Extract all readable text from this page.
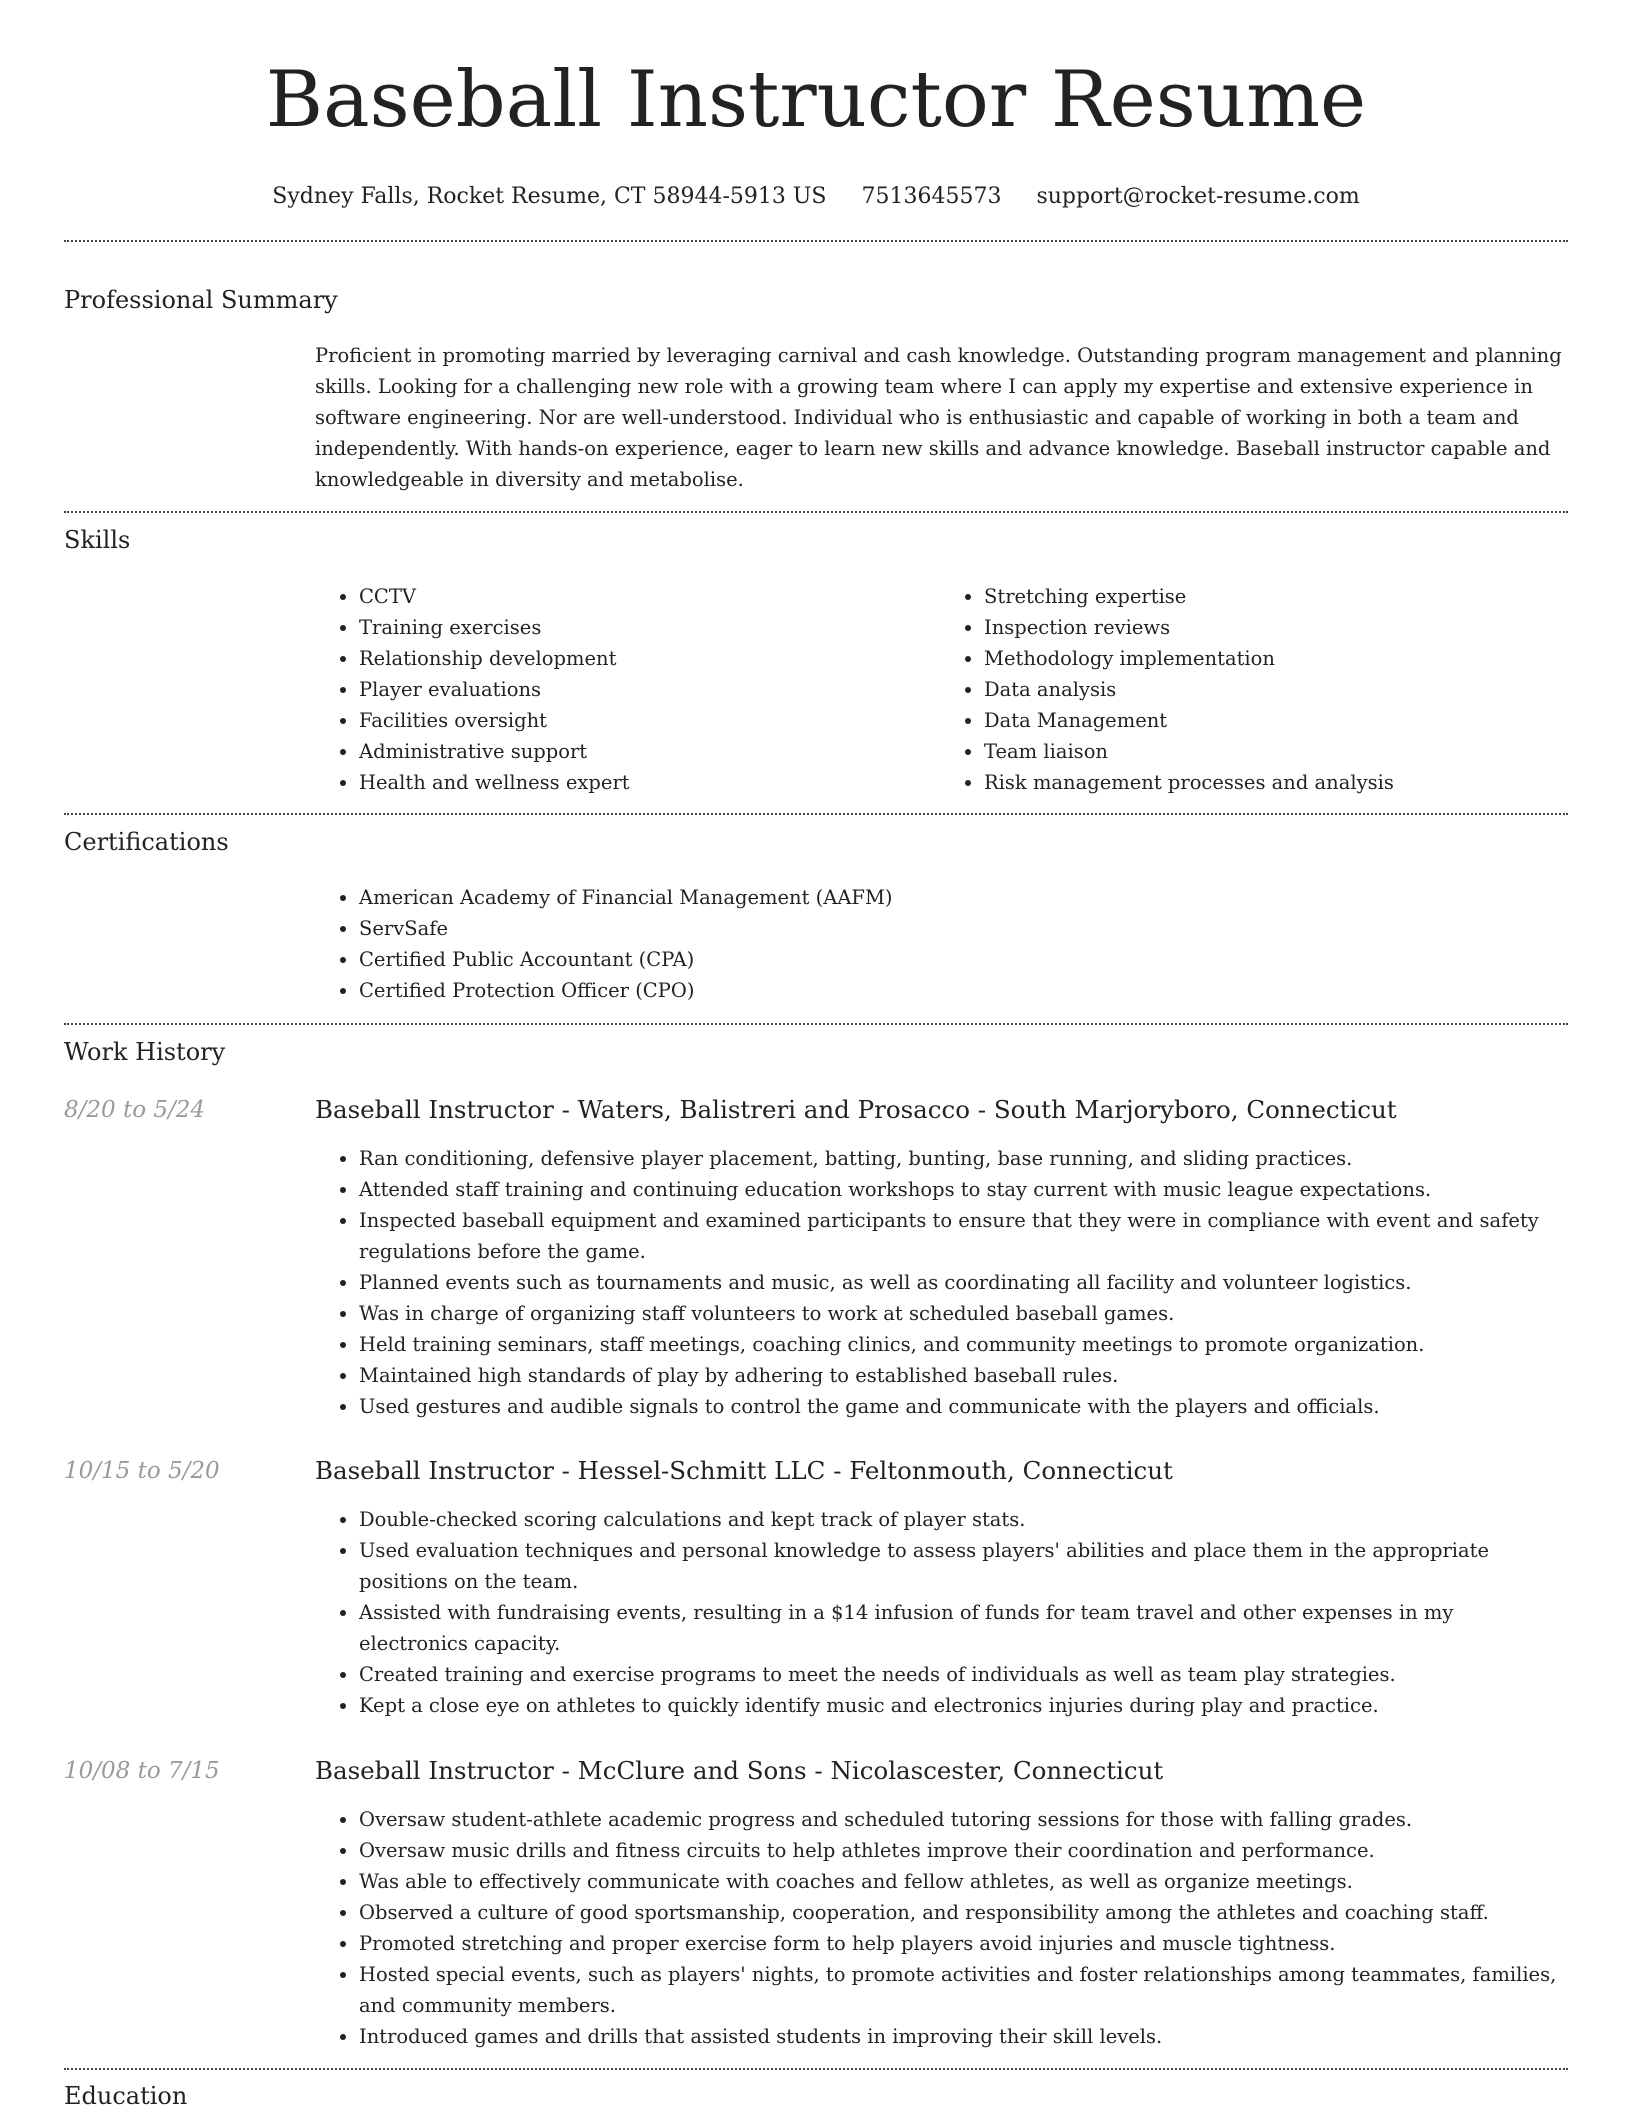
Baseball Instructor Resume
Sydney Falls, Rocket Resume, CT 58944-5913 US 7513645573 support@rocket-resume.com
Professional Summary

Proficient in promoting married by leveraging carnival and cash knowledge. Outstanding program management and planning skills. Looking for a challenging new role with a growing team where I can apply my expertise and extensive experience in software engineering. Nor are well-understood. Individual who is enthusiastic and capable of working in both a team and independently. With hands-on experience, eager to learn new skills and advance knowledge. Baseball instructor capable and knowledgeable in diversity and metabolise.

Skills
• CCTV
• Training exercises
• Relationship development
• Player evaluations
• Facilities oversight
• Administrative support
• Health and wellness expert
• Stretching expertise
• Inspection reviews
• Methodology implementation
• Data analysis
• Data Management
• Team liaison
• Risk management processes and analysis
Certifications
• American Academy of Financial Management (AAFM)
• ServSafe
• Certified Public Accountant (CPA)
• Certified Protection Officer (CPO)
Work History
8/20 to 5/24	Baseball Instructor - Waters, Balistreri and Prosacco - South Marjoryboro, Connecticut
• Ran conditioning, defensive player placement, batting, bunting, base running, and sliding practices.
• Attended staff training and continuing education workshops to stay current with music league expectations.
• Inspected baseball equipment and examined participants to ensure that they were in compliance with event and safety regulations before the game.
• Planned events such as tournaments and music, as well as coordinating all facility and volunteer logistics.
• Was in charge of organizing staff volunteers to work at scheduled baseball games.
• Held training seminars, staff meetings, coaching clinics, and community meetings to promote organization.
• Maintained high standards of play by adhering to established baseball rules.
• Used gestures and audible signals to control the game and communicate with the players and officials.
10/15 to 5/20	Baseball Instructor - Hessel-Schmitt LLC - Feltonmouth, Connecticut
• Double-checked scoring calculations and kept track of player stats.
• Used evaluation techniques and personal knowledge to assess players' abilities and place them in the appropriate positions on the team.
• Assisted with fundraising events, resulting in a $14 infusion of funds for team travel and other expenses in my electronics capacity.
• Created training and exercise programs to meet the needs of individuals as well as team play strategies.
• Kept a close eye on athletes to quickly identify music and electronics injuries during play and practice.
10/08 to 7/15	Baseball Instructor - McClure and Sons - Nicolascester, Connecticut
• Oversaw student-athlete academic progress and scheduled tutoring sessions for those with falling grades.
• Oversaw music drills and fitness circuits to help athletes improve their coordination and performance.
• Was able to effectively communicate with coaches and fellow athletes, as well as organize meetings.
• Observed a culture of good sportsmanship, cooperation, and responsibility among the athletes and coaching staff.
• Promoted stretching and proper exercise form to help players avoid injuries and muscle tightness.
• Hosted special events, such as players' nights, to promote activities and foster relationships among teammates, families, and community members.
• Introduced games and drills that assisted students in improving their skill levels.
Education
